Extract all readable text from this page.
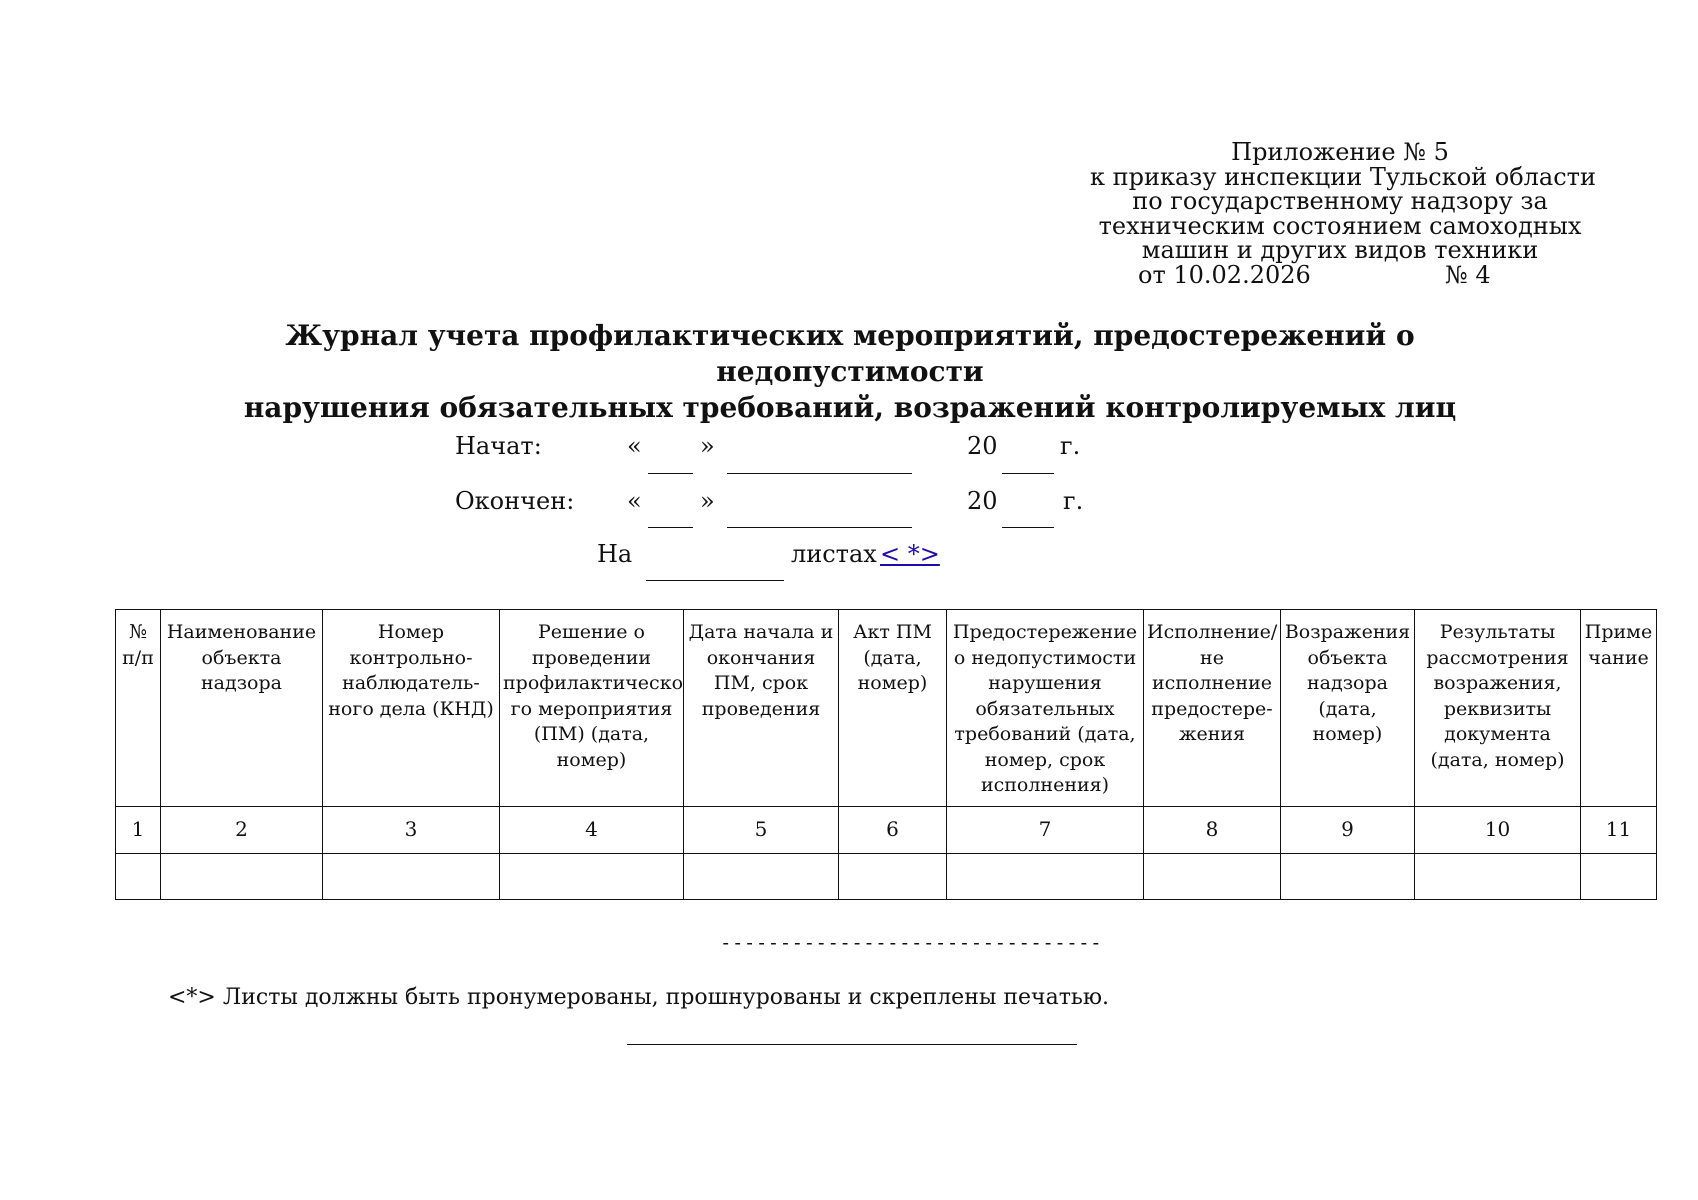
Приложение № 5
к приказу инспекции Тульской области
по государственному надзору за
техническим состоянием самоходных
машин и других видов техники
от 10.02.2026	№ 4
Журнал учета профилактических мероприятий, предостережений о недопустимости
нарушения обязательных требований, возражений контролируемых лиц
Начат:	« »	20	г.
Окончен: « »	20	г.
На	листах < *>
№ п/п	Наименование объекта надзора	Номер контрольно-наблюдатель-ного дела (КНД)	Решение о проведении профилактическо го мероприятия (ПМ) (дата, номер)	Дата начала и окончания ПМ, срок проведения	Акт ПМ (дата, номер)	Предостережение о недопустимости нарушения обязательных требований (дата, номер, срок исполнения)	Исполнение/ не исполнение предостере-жения	Возражения объекта надзора (дата, номер)	Результаты рассмотрения возражения, реквизиты документа (дата, номер)	Приме чание
1	2	3	4	5	6	7	8	9	10	11

--------------------------------
<*> Листы должны быть пронумерованы, прошнурованы и скреплены печатью.
